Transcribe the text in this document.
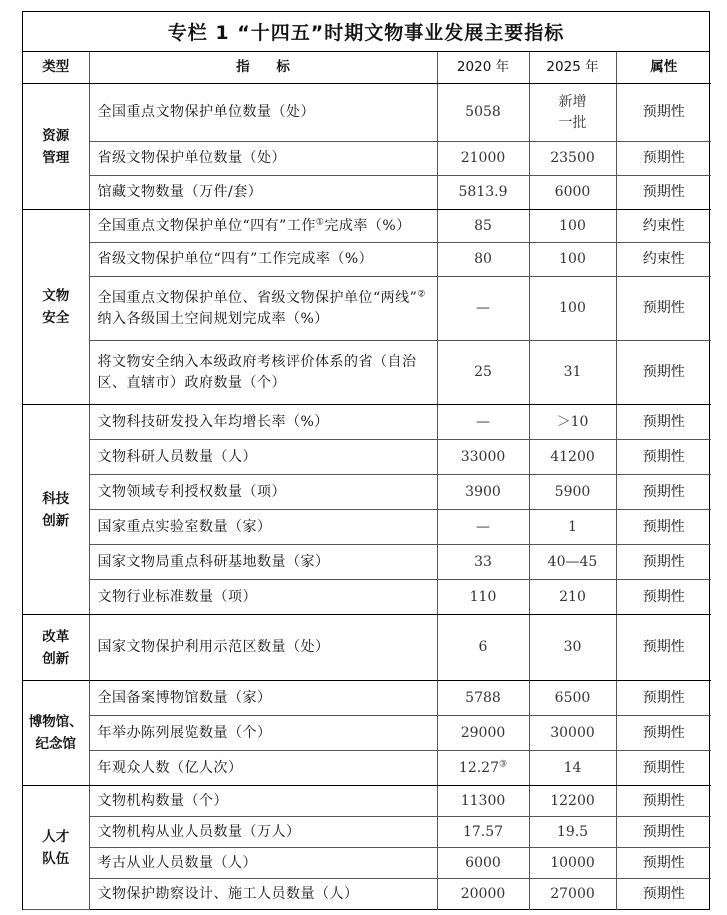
专栏 1 “十四五”时期文物事业发展主要指标
类型	指 标	2020 年	2025 年	属性
资源管理	全国重点文物保护单位数量（处）	5058	新增一批	预期性
	省级文物保护单位数量（处）	21000	23500	预期性
	馆藏文物数量（万件/套）	5813.9	6000	预期性
文物安全	全国重点文物保护单位“四有”工作①完成率（%）	85	100	约束性
	省级文物保护单位“四有”工作完成率（%）	80	100	约束性
	全国重点文物保护单位、省级文物保护单位“两线”②纳入各级国土空间规划完成率（%）	—	100	预期性
	将文物安全纳入本级政府考核评价体系的省（自治区、直辖市）政府数量（个）	25	31	预期性
科技创新	文物科技研发投入年均增长率（%）	—	＞10	预期性
	文物科研人员数量（人）	33000	41200	预期性
	文物领域专利授权数量（项）	3900	5900	预期性
	国家重点实验室数量（家）	—	1	预期性
	国家文物局重点科研基地数量（家）	33	40—45	预期性
	文物行业标准数量（项）	110	210	预期性
改革创新	国家文物保护利用示范区数量（处）	6	30	预期性
博物馆、纪念馆	全国备案博物馆数量（家）	5788	6500	预期性
	年举办陈列展览数量（个）	29000	30000	预期性
	年观众人数（亿人次）	12.27③	14	预期性
人才队伍	文物机构数量（个）	11300	12200	预期性
	文物机构从业人员数量（万人）	17.57	19.5	预期性
	考古从业人员数量（人）	6000	10000	预期性
	文物保护勘察设计、施工人员数量（人）	20000	27000	预期性
